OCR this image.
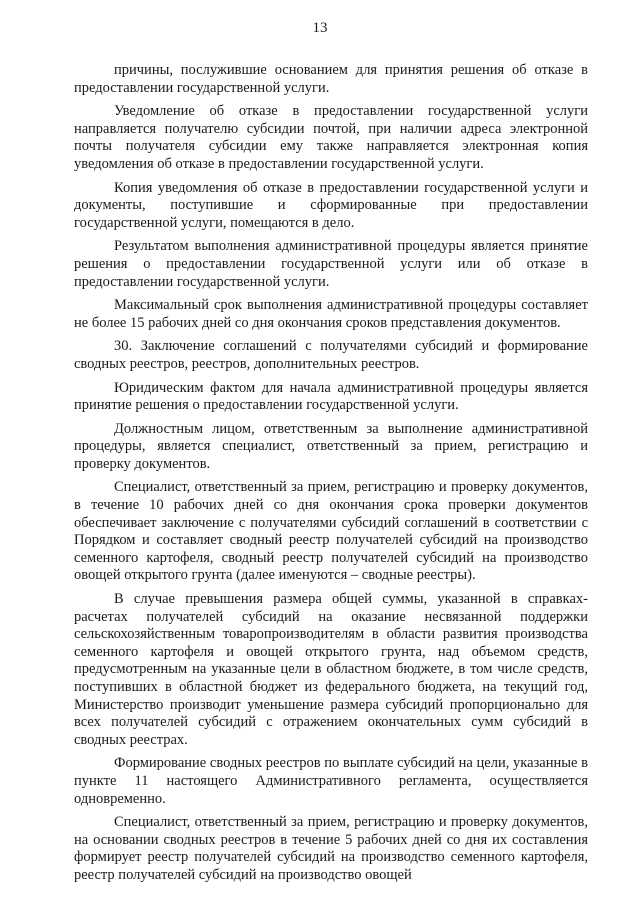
13

причины, послужившие основанием для принятия решения об отказе в предоставлении государственной услуги.

Уведомление об отказе в предоставлении государственной услуги направляется получателю субсидии почтой, при наличии адреса электронной почты получателя субсидии ему также направляется электронная копия уведомления об отказе в предоставлении государственной услуги.

Копия уведомления об отказе в предоставлении государственной услуги и документы, поступившие и сформированные при предоставлении государственной услуги, помещаются в дело.

Результатом выполнения административной процедуры является принятие решения о предоставлении государственной услуги или об отказе в предоставлении государственной услуги.

Максимальный срок выполнения административной процедуры составляет не более 15 рабочих дней со дня окончания сроков представления документов.

30. Заключение соглашений с получателями субсидий и формирование сводных реестров, реестров, дополнительных реестров.

Юридическим фактом для начала административной процедуры является принятие решения о предоставлении государственной услуги.

Должностным лицом, ответственным за выполнение административной процедуры, является специалист, ответственный за прием, регистрацию и проверку документов.

Специалист, ответственный за прием, регистрацию и проверку документов, в течение 10 рабочих дней со дня окончания срока проверки документов обеспечивает заключение с получателями субсидий соглашений в соответствии с Порядком и составляет сводный реестр получателей субсидий на производство семенного картофеля, сводный реестр получателей субсидий на производство овощей открытого грунта (далее именуются – сводные реестры).

В случае превышения размера общей суммы, указанной в справках-расчетах получателей субсидий на оказание несвязанной поддержки сельскохозяйственным товаропроизводителям в области развития производства семенного картофеля и овощей открытого грунта, над объемом средств, предусмотренным на указанные цели в областном бюджете, в том числе средств, поступивших в областной бюджет из федерального бюджета, на текущий год, Министерство производит уменьшение размера субсидий пропорционально для всех получателей субсидий с отражением окончательных сумм субсидий в сводных реестрах.

Формирование сводных реестров по выплате субсидий на цели, указанные в пункте 11 настоящего Административного регламента, осуществляется одновременно.

Специалист, ответственный за прием, регистрацию и проверку документов, на основании сводных реестров в течение 5 рабочих дней со дня их составления формирует реестр получателей субсидий на производство семенного картофеля, реестр получателей субсидий на производство овощей
